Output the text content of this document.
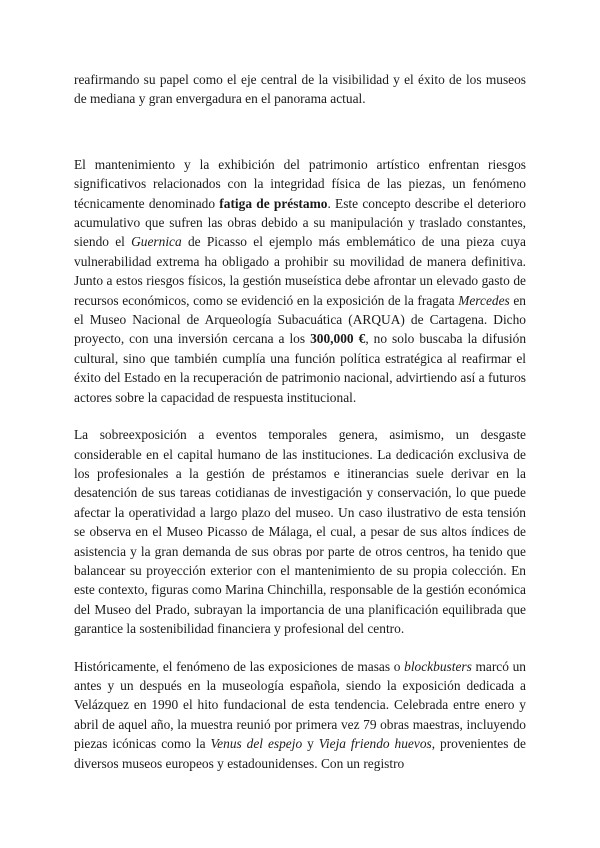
reafirmando su papel como el eje central de la visibilidad y el éxito de los museos de mediana y gran envergadura en el panorama actual.

El mantenimiento y la exhibición del patrimonio artístico enfrentan riesgos significativos relacionados con la integridad física de las piezas, un fenómeno técnicamente denominado fatiga de préstamo. Este concepto describe el deterioro acumulativo que sufren las obras debido a su manipulación y traslado constantes, siendo el Guernica de Picasso el ejemplo más emblemático de una pieza cuya vulnerabilidad extrema ha obligado a prohibir su movilidad de manera definitiva. Junto a estos riesgos físicos, la gestión museística debe afrontar un elevado gasto de recursos económicos, como se evidenció en la exposición de la fragata Mercedes en el Museo Nacional de Arqueología Subacuática (ARQUA) de Cartagena. Dicho proyecto, con una inversión cercana a los 300,000 €, no solo buscaba la difusión cultural, sino que también cumplía una función política estratégica al reafirmar el éxito del Estado en la recuperación de patrimonio nacional, advirtiendo así a futuros actores sobre la capacidad de respuesta institucional.

La sobreexposición a eventos temporales genera, asimismo, un desgaste considerable en el capital humano de las instituciones. La dedicación exclusiva de los profesionales a la gestión de préstamos e itinerancias suele derivar en la desatención de sus tareas cotidianas de investigación y conservación, lo que puede afectar la operatividad a largo plazo del museo. Un caso ilustrativo de esta tensión se observa en el Museo Picasso de Málaga, el cual, a pesar de sus altos índices de asistencia y la gran demanda de sus obras por parte de otros centros, ha tenido que balancear su proyección exterior con el mantenimiento de su propia colección. En este contexto, figuras como Marina Chinchilla, responsable de la gestión económica del Museo del Prado, subrayan la importancia de una planificación equilibrada que garantice la sostenibilidad financiera y profesional del centro.

Históricamente, el fenómeno de las exposiciones de masas o blockbusters marcó un antes y un después en la museología española, siendo la exposición dedicada a Velázquez en 1990 el hito fundacional de esta tendencia. Celebrada entre enero y abril de aquel año, la muestra reunió por primera vez 79 obras maestras, incluyendo piezas icónicas como la Venus del espejo y Vieja friendo huevos, provenientes de diversos museos europeos y estadounidenses. Con un registro
